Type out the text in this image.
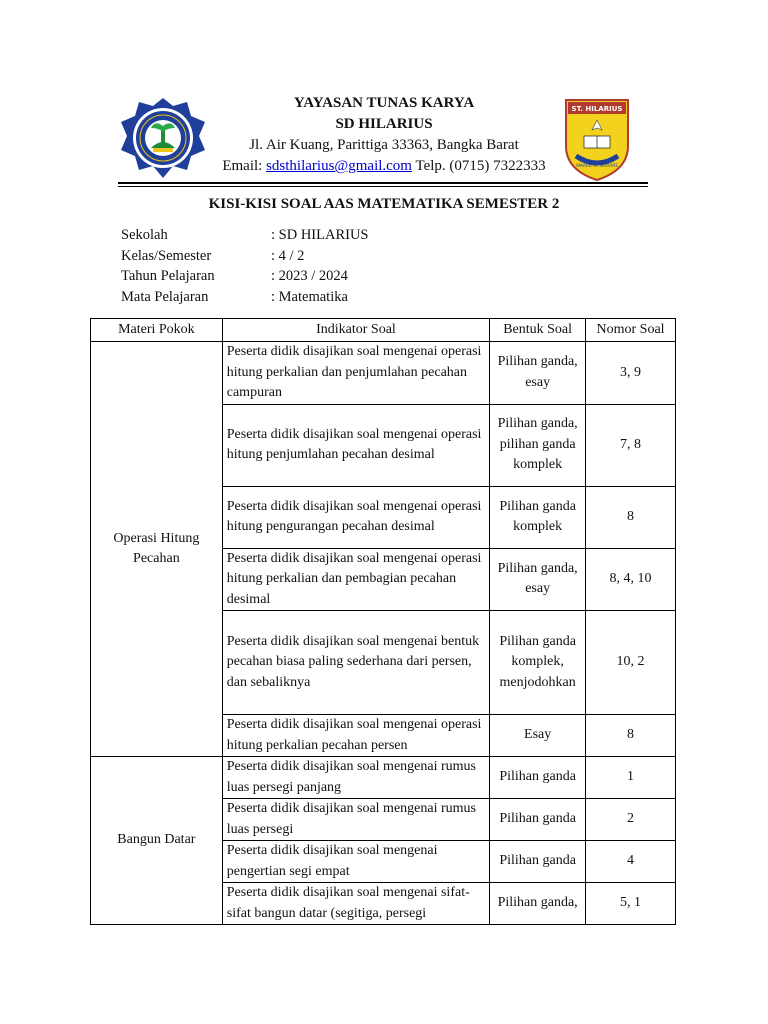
ST. HILARIUS
AMARE et SERVIRE
YAYASAN TUNAS KARYA
SD HILARIUS
Jl. Air Kuang, Parittiga 33363, Bangka Barat
Email: sdsthilarius@gmail.com Telp. (0715) 7322333
KISI-KISI SOAL AAS MATEMATIKA SEMESTER 2
Sekolah	: SD HILARIUS
Kelas/Semester	: 4 / 2
Tahun Pelajaran	: 2023 / 2024
Mata Pelajaran	: Matematika
Materi Pokok	Indikator Soal	Bentuk Soal	Nomor Soal
Operasi Hitung Pecahan	Peserta didik disajikan soal mengenai operasi hitung perkalian dan penjumlahan pecahan campuran	Pilihan ganda, esay	3, 9
	Peserta didik disajikan soal mengenai operasi hitung penjumlahan pecahan desimal	Pilihan ganda, pilihan ganda komplek	7, 8
	Peserta didik disajikan soal mengenai operasi hitung pengurangan pecahan desimal	Pilihan ganda komplek	8
	Peserta didik disajikan soal mengenai operasi hitung perkalian dan pembagian pecahan desimal	Pilihan ganda, esay	8, 4, 10
	Peserta didik disajikan soal mengenai bentuk pecahan biasa paling sederhana dari persen, dan sebaliknya	Pilihan ganda komplek, menjodohkan	10, 2
	Peserta didik disajikan soal mengenai operasi hitung perkalian pecahan persen	Esay	8
Bangun Datar	Peserta didik disajikan soal mengenai rumus luas persegi panjang	Pilihan ganda	1
	Peserta didik disajikan soal mengenai rumus luas persegi	Pilihan ganda	2
	Peserta didik disajikan soal mengenai pengertian segi empat	Pilihan ganda	4
	Peserta didik disajikan soal mengenai sifat-sifat bangun datar (segitiga, persegi	Pilihan ganda,	5, 1
